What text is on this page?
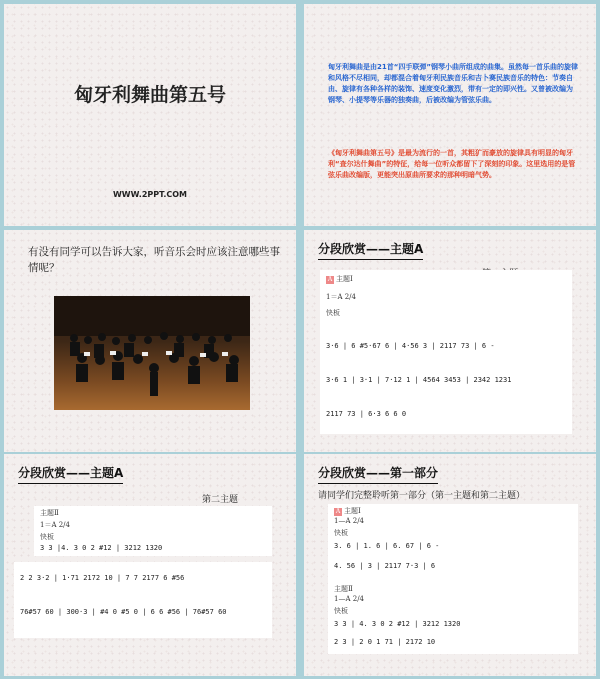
匈牙利舞曲第五号
WWW.2PPT.COM
匈牙利舞曲是由21首“四手联弹”钢琴小曲所组成的曲集。虽然每一首乐曲的旋律和风格不尽相同，却都混合着匈牙利民族音乐和吉卜赛民族音乐的特色：节奏自由、旋律有各种各样的装饰、速度变化激烈，带有一定的即兴性。又曾被改编为钢琴、小提琴等乐器的独奏曲，后被改编为管弦乐曲。
《匈牙利舞曲第五号》是最为流行的一首，其粗犷而豪放的旋律具有明显的匈牙利“查尔达什舞曲”的特征，给每一位听众都留下了深刻的印象。这里选用的是管弦乐曲改编版，更能突出原曲所要求的那种明暗气势。
有没有同学可以告诉大家，听音乐会时应该注意哪些事情呢？
分段欣赏——主题A
A 主题Ⅰ
1＝A 2/4
快板
3·6 | 6 #5·67 6 | 4·56 3 | 2117 73 | 6 -
3·6 1 | 3·1 | 7·12 1 | 4564 3453 | 2342 1231
2117 73 | 6·3 6 6 0
分段欣赏——主题A
第二主题
主题Ⅱ
1＝A 2/4
快板
3 3 |4. 3 0 2 #12 | 3212 1320
2 2 3·2 | 1·71 2172 10 | 7 7 2177 6 #56
76#57 60 | 300·3 | #4 0 #5 0 | 6 6 #56 | 76#57 60
分段欣赏——第一部分
请同学们完整聆听第一部分（第一主题和第二主题）
A 主题Ⅰ
1—A 2/4
快板
3. 6 | 1. 6 | 6. 67 | 6 -
4. 56 | 3 | 2117 7·3 | 6
主题Ⅱ
1—A 2/4
快板
3 3 | 4. 3 0 2 #12 | 3212 1320
2 3 | 2 0 1 71 | 2172 10
